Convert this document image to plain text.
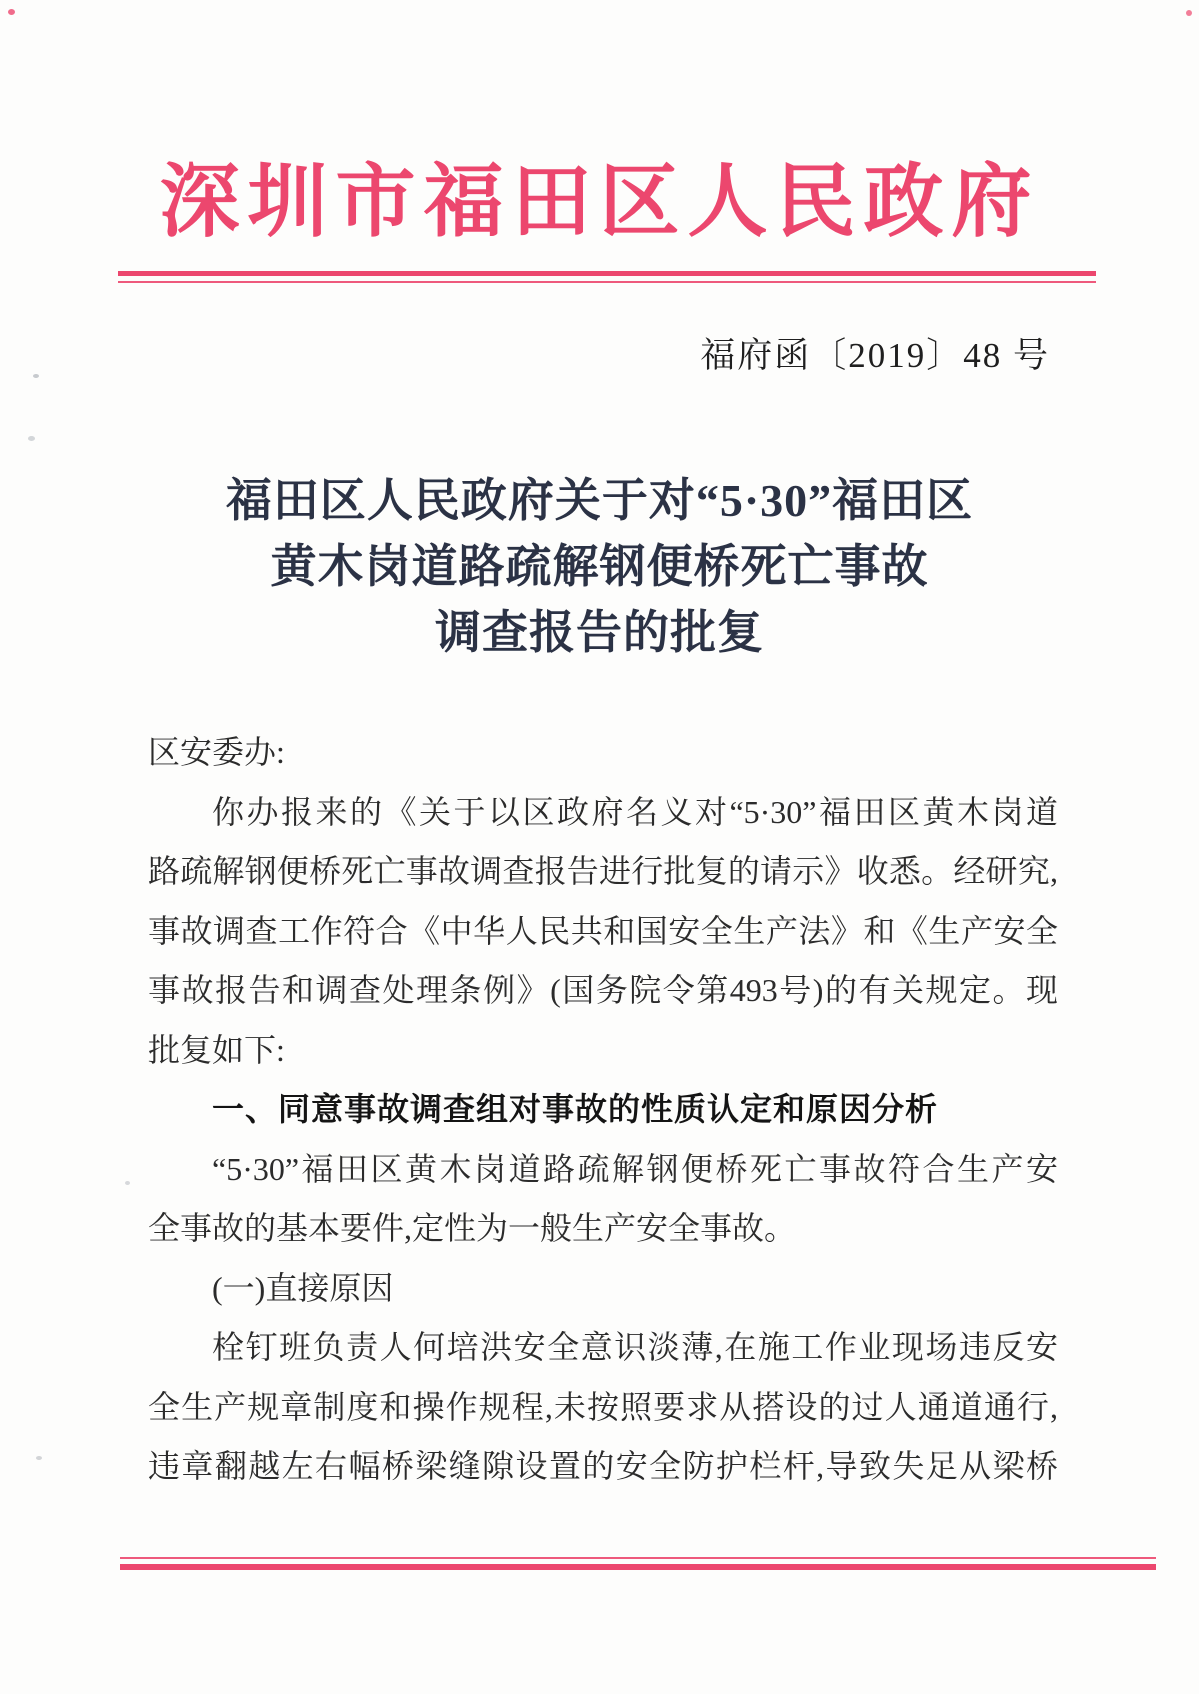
深圳市福田区人民政府
福府函〔2019〕48 号
福田区人民政府关于对“5·30”福田区
黄木岗道路疏解钢便桥死亡事故
调查报告的批复

区安委办:

你办报来的《关于以区政府名义对“5·30”福田区黄木岗道

路疏解钢便桥死亡事故调查报告进行批复的请示》收悉。经研究,

事故调查工作符合《中华人民共和国安全生产法》和《生产安全

事故报告和调查处理条例》(国务院令第493号)的有关规定。现

批复如下:

一、同意事故调查组对事故的性质认定和原因分析

“5·30”福田区黄木岗道路疏解钢便桥死亡事故符合生产安

全事故的基本要件,定性为一般生产安全事故。

(一)直接原因

栓钉班负责人何培洪安全意识淡薄,在施工作业现场违反安

全生产规章制度和操作规程,未按照要求从搭设的过人通道通行,

违章翻越左右幅桥梁缝隙设置的安全防护栏杆,导致失足从梁桥
